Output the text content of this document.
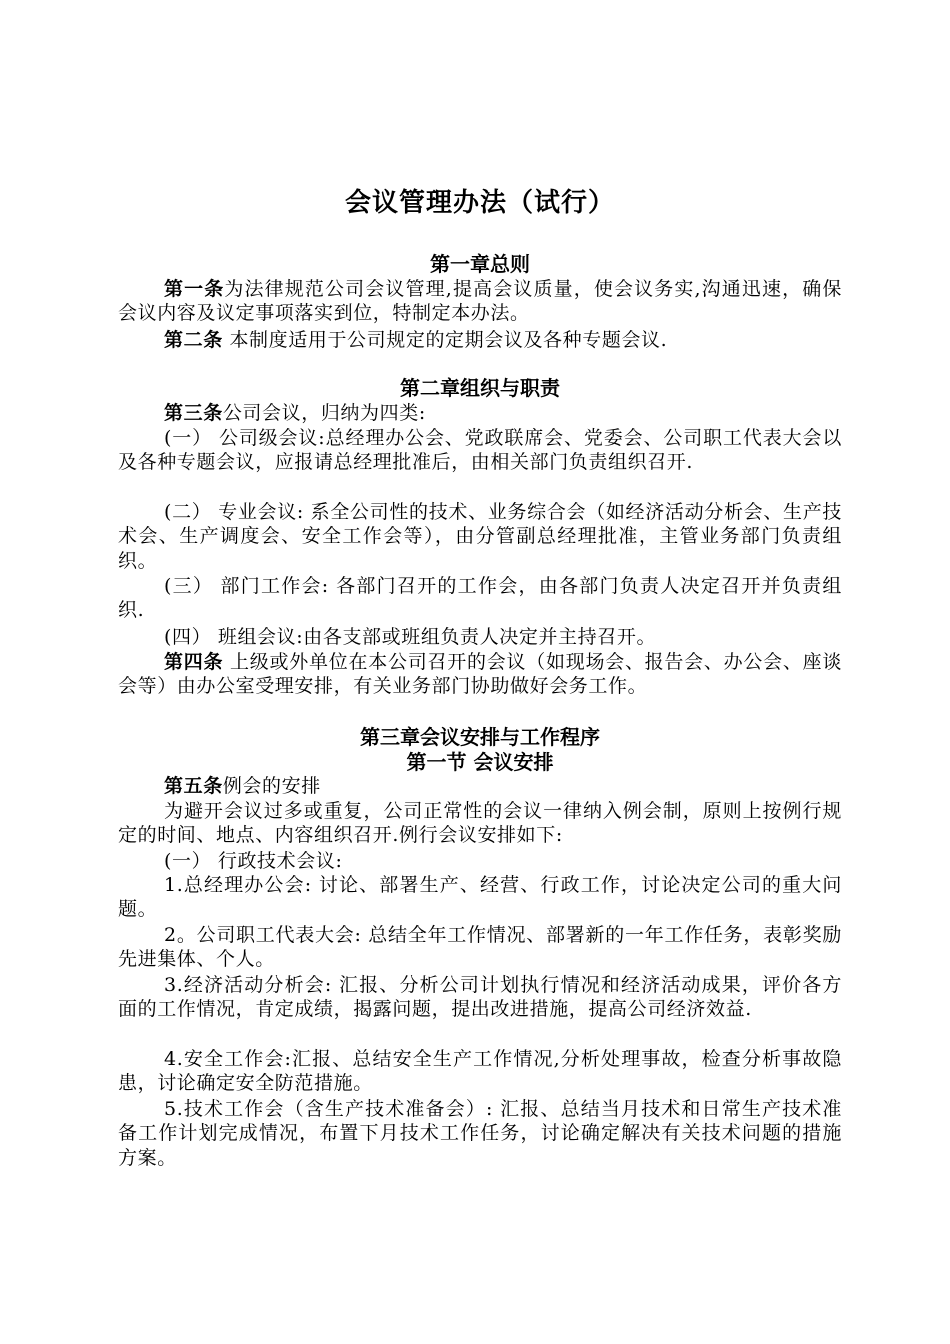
会议管理办法（试行）
第一章总则
第一条为法律规范公司会议管理,提高会议质量，使会议务实,沟通迅速，确保会议内容及议定事项落实到位，特制定本办法。
第二条 本制度适用于公司规定的定期会议及各种专题会议.
第二章组织与职责
第三条公司会议，归纳为四类:
(一） 公司级会议:总经理办公会、党政联席会、党委会、公司职工代表大会以及各种专题会议，应报请总经理批准后，由相关部门负责组织召开.
(二） 专业会议: 系全公司性的技术、业务综合会（如经济活动分析会、生产技术会、生产调度会、安全工作会等），由分管副总经理批准，主管业务部门负责组织。
(三） 部门工作会: 各部门召开的工作会，由各部门负责人决定召开并负责组织.
(四） 班组会议:由各支部或班组负责人决定并主持召开。
第四条 上级或外单位在本公司召开的会议（如现场会、报告会、办公会、座谈会等）由办公室受理安排，有关业务部门协助做好会务工作。
第三章会议安排与工作程序
第一节 会议安排
第五条例会的安排
为避开会议过多或重复，公司正常性的会议一律纳入例会制，原则上按例行规定的时间、地点、内容组织召开.例行会议安排如下:
(一） 行政技术会议:
1.总经理办公会: 讨论、部署生产、经营、行政工作，讨论决定公司的重大问题。
2。公司职工代表大会: 总结全年工作情况、部署新的一年工作任务，表彰奖励先进集体、个人。
3.经济活动分析会: 汇报、分析公司计划执行情况和经济活动成果，评价各方面的工作情况，肯定成绩，揭露问题，提出改进措施，提高公司经济效益.
4.安全工作会:汇报、总结安全生产工作情况,分析处理事故，检查分析事故隐患，讨论确定安全防范措施。
5.技术工作会（含生产技术准备会）: 汇报、总结当月技术和日常生产技术准备工作计划完成情况，布置下月技术工作任务，讨论确定解决有关技术问题的措施方案。
